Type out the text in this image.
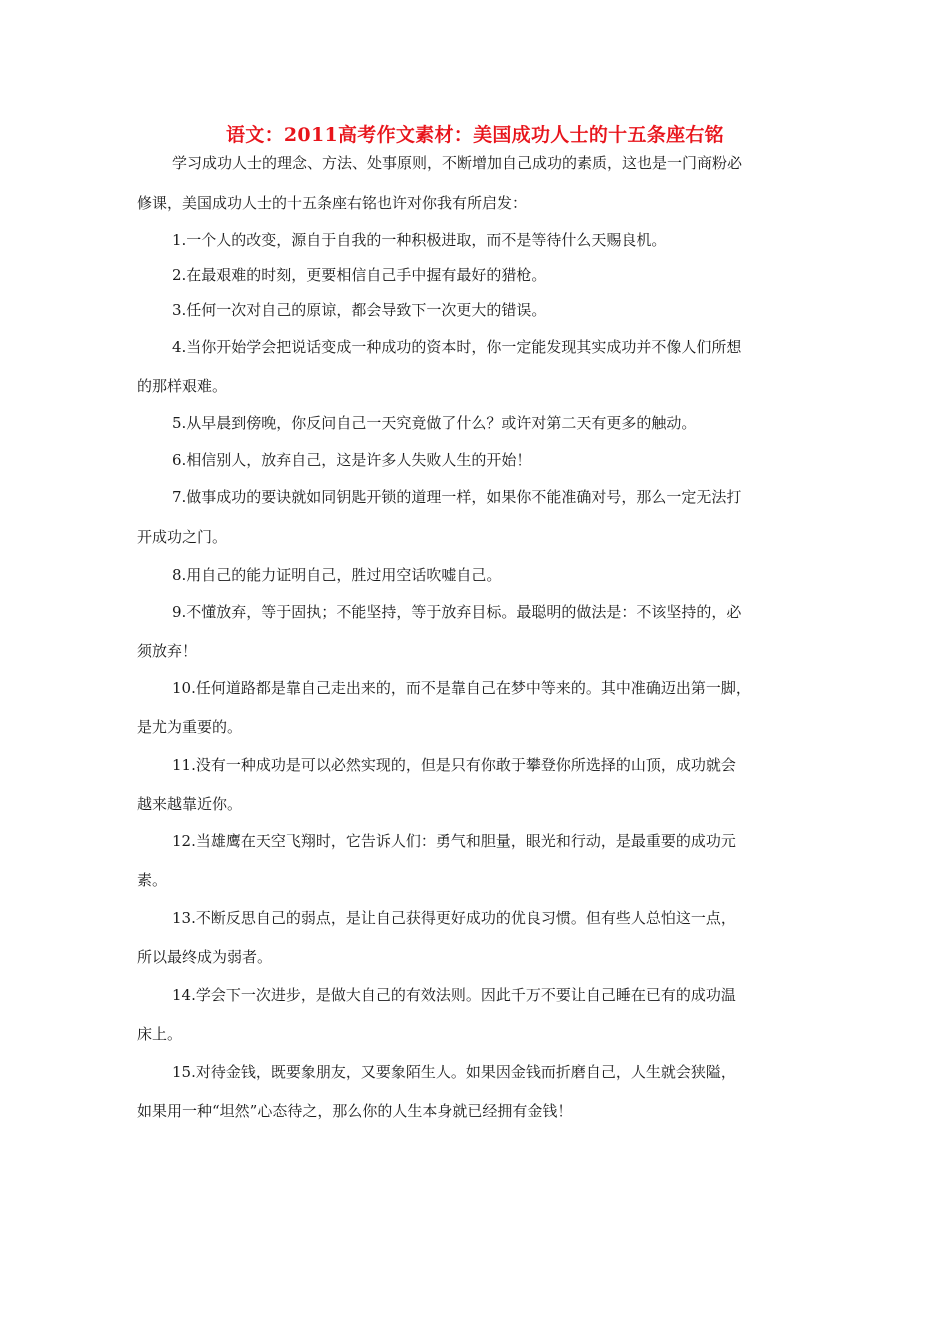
语文：2011高考作文素材：美国成功人士的十五条座右铭
学习成功人士的理念、方法、处事原则，不断增加自己成功的素质，这也是一门商粉必
修课，美国成功人士的十五条座右铭也许对你我有所启发：
1.一个人的改变，源自于自我的一种积极进取，而不是等待什么天赐良机。
2.在最艰难的时刻，更要相信自己手中握有最好的猎枪。
3.任何一次对自己的原谅，都会导致下一次更大的错误。
4.当你开始学会把说话变成一种成功的资本时，你一定能发现其实成功并不像人们所想
的那样艰难。
5.从早晨到傍晚，你反问自己一天究竟做了什么？或许对第二天有更多的触动。
6.相信别人，放弃自己，这是许多人失败人生的开始！
7.做事成功的要诀就如同钥匙开锁的道理一样，如果你不能准确对号，那么一定无法打
开成功之门。
8.用自己的能力证明自己，胜过用空话吹嘘自己。
9.不懂放弃，等于固执；不能坚持，等于放弃目标。最聪明的做法是：不该坚持的，必
须放弃！
10.任何道路都是靠自己走出来的，而不是靠自己在梦中等来的。其中准确迈出第一脚，
是尤为重要的。
11.没有一种成功是可以必然实现的，但是只有你敢于攀登你所选择的山顶，成功就会
越来越靠近你。
12.当雄鹰在天空飞翔时，它告诉人们：勇气和胆量，眼光和行动，是最重要的成功元
素。
13.不断反思自己的弱点，是让自己获得更好成功的优良习惯。但有些人总怕这一点，
所以最终成为弱者。
14.学会下一次进步，是做大自己的有效法则。因此千万不要让自己睡在已有的成功温
床上。
15.对待金钱，既要象朋友，又要象陌生人。如果因金钱而折磨自己，人生就会狭隘，
如果用一种“坦然”心态待之，那么你的人生本身就已经拥有金钱！
